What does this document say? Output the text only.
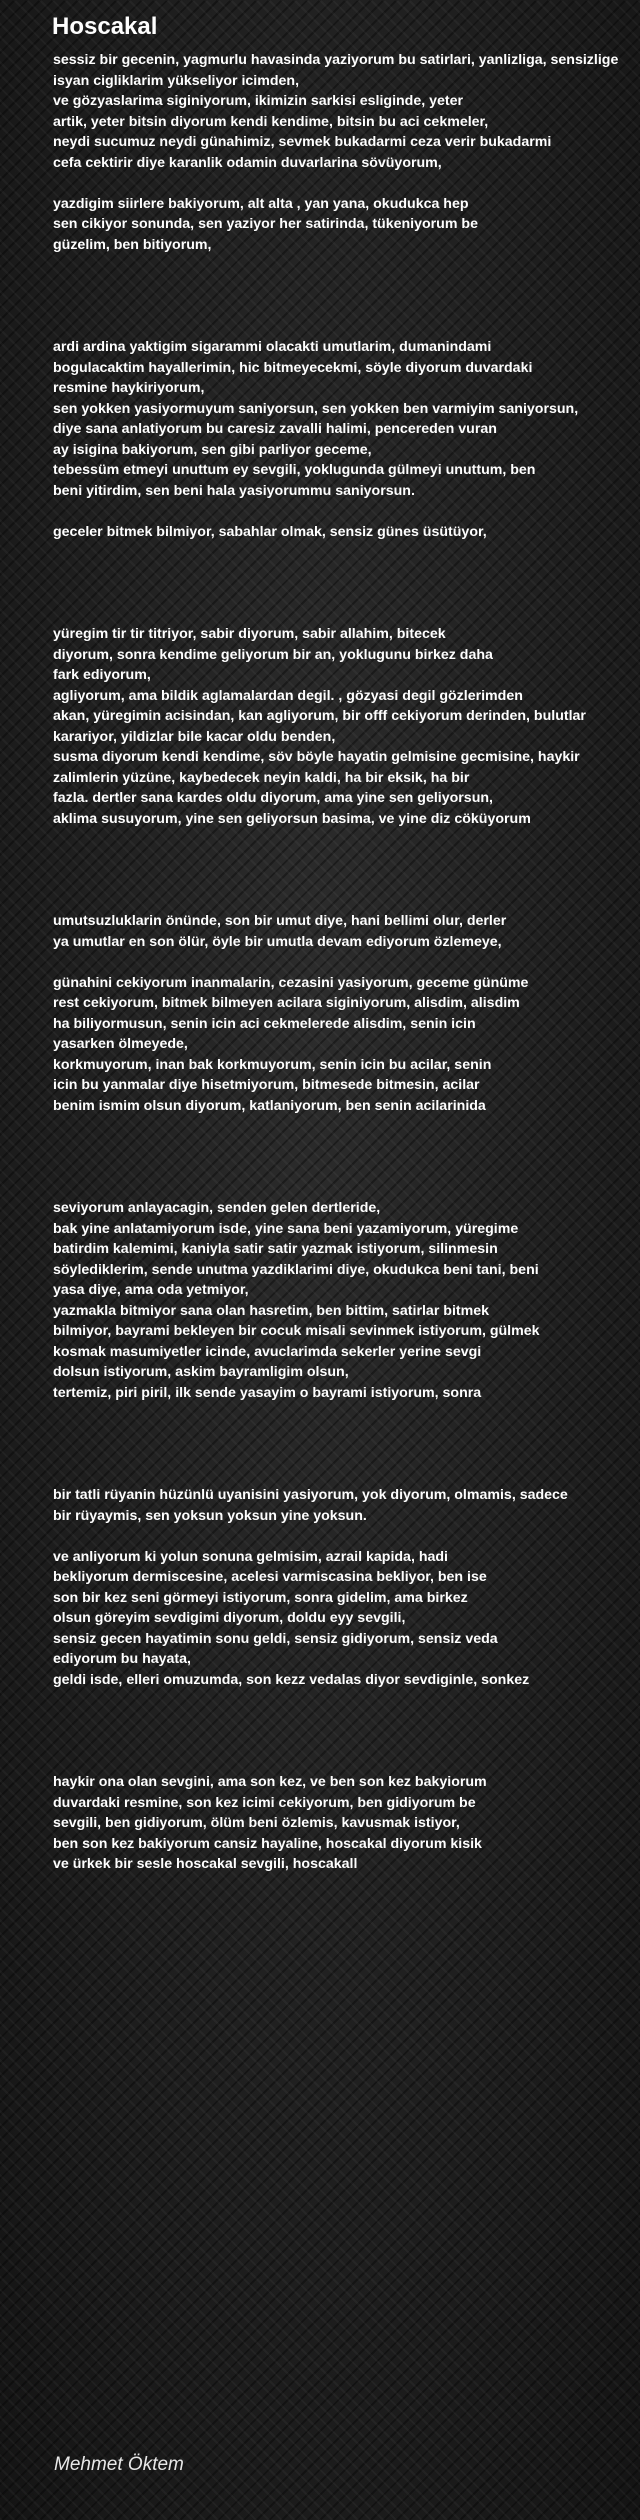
Hoscakal
sessiz bir gecenin, yagmurlu havasinda yaziyorum bu satirlari, yanlizliga, sensizlige
isyan cigliklarim yükseliyor icimden,
ve gözyaslarima siginiyorum, ikimizin sarkisi esliginde, yeter
artik, yeter bitsin diyorum kendi kendime, bitsin bu aci cekmeler,
neydi sucumuz neydi günahimiz, sevmek bukadarmi ceza verir bukadarmi
cefa cektirir diye karanlik odamin duvarlarina sövüyorum,
yazdigim siirlere bakiyorum, alt alta , yan yana, okudukca hep
sen cikiyor sonunda, sen yaziyor her satirinda, tükeniyorum be
güzelim, ben bitiyorum,
ardi ardina yaktigim sigarammi olacakti umutlarim, dumanindami
bogulacaktim hayallerimin, hic bitmeyecekmi, söyle diyorum duvardaki
resmine haykiriyorum,
sen yokken yasiyormuyum saniyorsun, sen yokken ben varmiyim saniyorsun,
diye sana anlatiyorum bu caresiz zavalli halimi, pencereden vuran
ay isigina bakiyorum, sen gibi parliyor geceme,
tebessüm etmeyi unuttum ey sevgili, yoklugunda gülmeyi unuttum, ben
beni yitirdim, sen beni hala yasiyorummu saniyorsun.
geceler bitmek bilmiyor, sabahlar olmak, sensiz günes üsütüyor,
yüregim tir tir titriyor, sabir diyorum, sabir allahim, bitecek
diyorum, sonra kendime geliyorum bir an, yoklugunu birkez daha
fark ediyorum,
agliyorum, ama bildik aglamalardan degil. , gözyasi degil gözlerimden
akan, yüregimin acisindan, kan agliyorum, bir offf cekiyorum derinden, bulutlar
karariyor, yildizlar bile kacar oldu benden,
susma diyorum kendi kendime, söv böyle hayatin gelmisine gecmisine, haykir
zalimlerin yüzüne, kaybedecek neyin kaldi, ha bir eksik, ha bir
fazla. dertler sana kardes oldu diyorum, ama yine sen geliyorsun,
aklima susuyorum, yine sen geliyorsun basima, ve yine diz cöküyorum
umutsuzluklarin önünde, son bir umut diye, hani bellimi olur, derler
ya umutlar en son ölür, öyle bir umutla devam ediyorum özlemeye,
günahini cekiyorum inanmalarin, cezasini yasiyorum, geceme günüme
rest cekiyorum, bitmek bilmeyen acilara siginiyorum, alisdim, alisdim
ha biliyormusun, senin icin aci cekmelerede alisdim, senin icin
yasarken ölmeyede,
korkmuyorum, inan bak korkmuyorum, senin icin bu acilar, senin
icin bu yanmalar diye hisetmiyorum, bitmesede bitmesin, acilar
benim ismim olsun diyorum, katlaniyorum, ben senin acilarinida
seviyorum anlayacagin, senden gelen dertleride,
bak yine anlatamiyorum isde, yine sana beni yazamiyorum, yüregime
batirdim kalemimi, kaniyla satir satir yazmak istiyorum, silinmesin
söylediklerim, sende unutma yazdiklarimi diye, okudukca beni tani, beni
yasa diye, ama oda yetmiyor,
yazmakla bitmiyor sana olan hasretim, ben bittim, satirlar bitmek
bilmiyor, bayrami bekleyen bir cocuk misali sevinmek istiyorum, gülmek
kosmak masumiyetler icinde, avuclarimda sekerler yerine sevgi
dolsun istiyorum, askim bayramligim olsun,
tertemiz, piri piril, ilk sende yasayim o bayrami istiyorum, sonra
bir tatli rüyanin hüzünlü uyanisini yasiyorum, yok diyorum, olmamis, sadece
bir rüyaymis, sen yoksun yoksun yine yoksun.
ve anliyorum ki yolun sonuna gelmisim, azrail kapida, hadi
bekliyorum dermiscesine, acelesi varmiscasina bekliyor, ben ise
son bir kez seni görmeyi istiyorum, sonra gidelim, ama birkez
olsun göreyim sevdigimi diyorum, doldu eyy sevgili,
sensiz gecen hayatimin sonu geldi, sensiz gidiyorum, sensiz veda
ediyorum bu hayata,
geldi isde, elleri omuzumda, son kezz vedalas diyor sevdiginle, sonkez
haykir ona olan sevgini, ama son kez, ve ben son kez bakyiorum
duvardaki resmine, son kez icimi cekiyorum, ben gidiyorum be
sevgili, ben gidiyorum, ölüm beni özlemis, kavusmak istiyor,
ben son kez bakiyorum cansiz hayaline, hoscakal diyorum kisik
ve ürkek bir sesle hoscakal sevgili, hoscakall
Mehmet Öktem
